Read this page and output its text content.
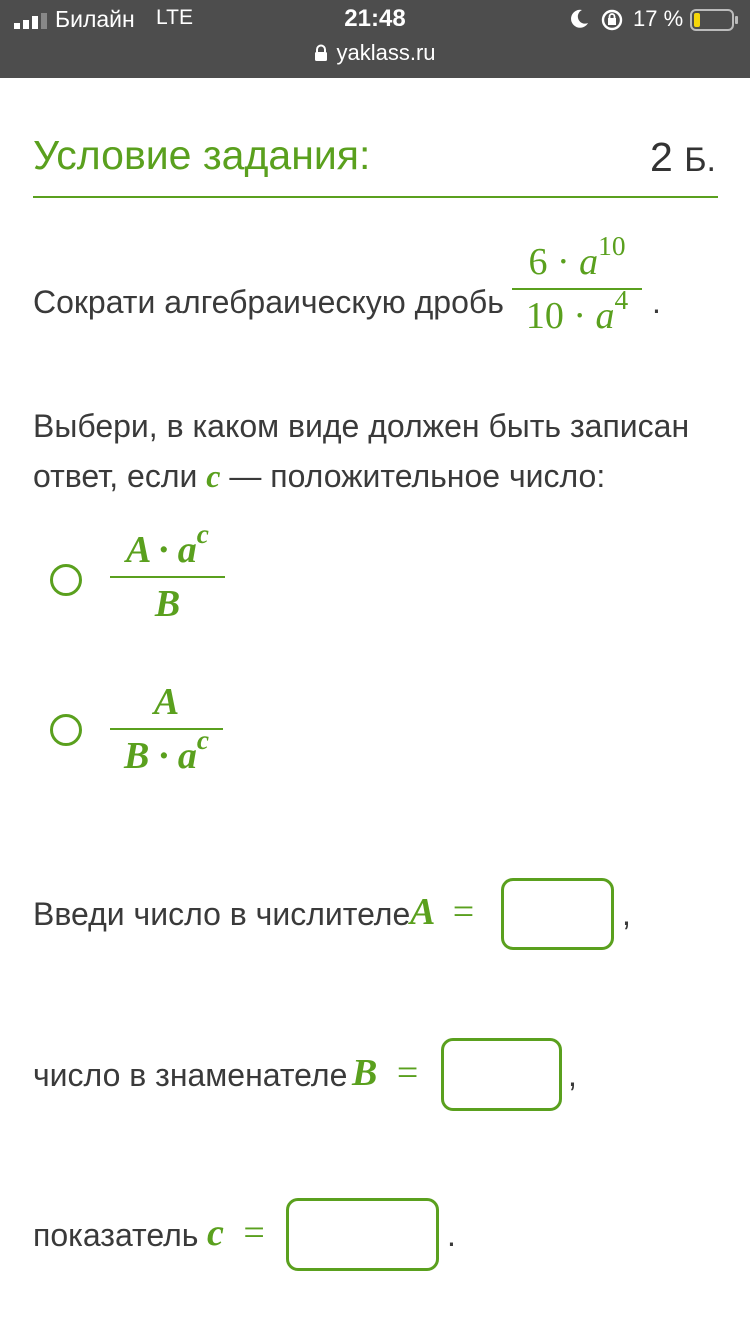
Билайн LTE	21:48	17 %
yaklass.ru
Условие задания:	2 Б.
Сократи алгебраическую дробь
$6 \cdot a^{10}$
$10 \cdot a^4$ .
Выбери, в каком виде должен быть записан
ответ, если c — положительное число:
$A \cdot a^c$
B
A
$B \cdot a^c$
Введи число в числителе A =	,
число в знаменателе B =	,
показатель c =	.
